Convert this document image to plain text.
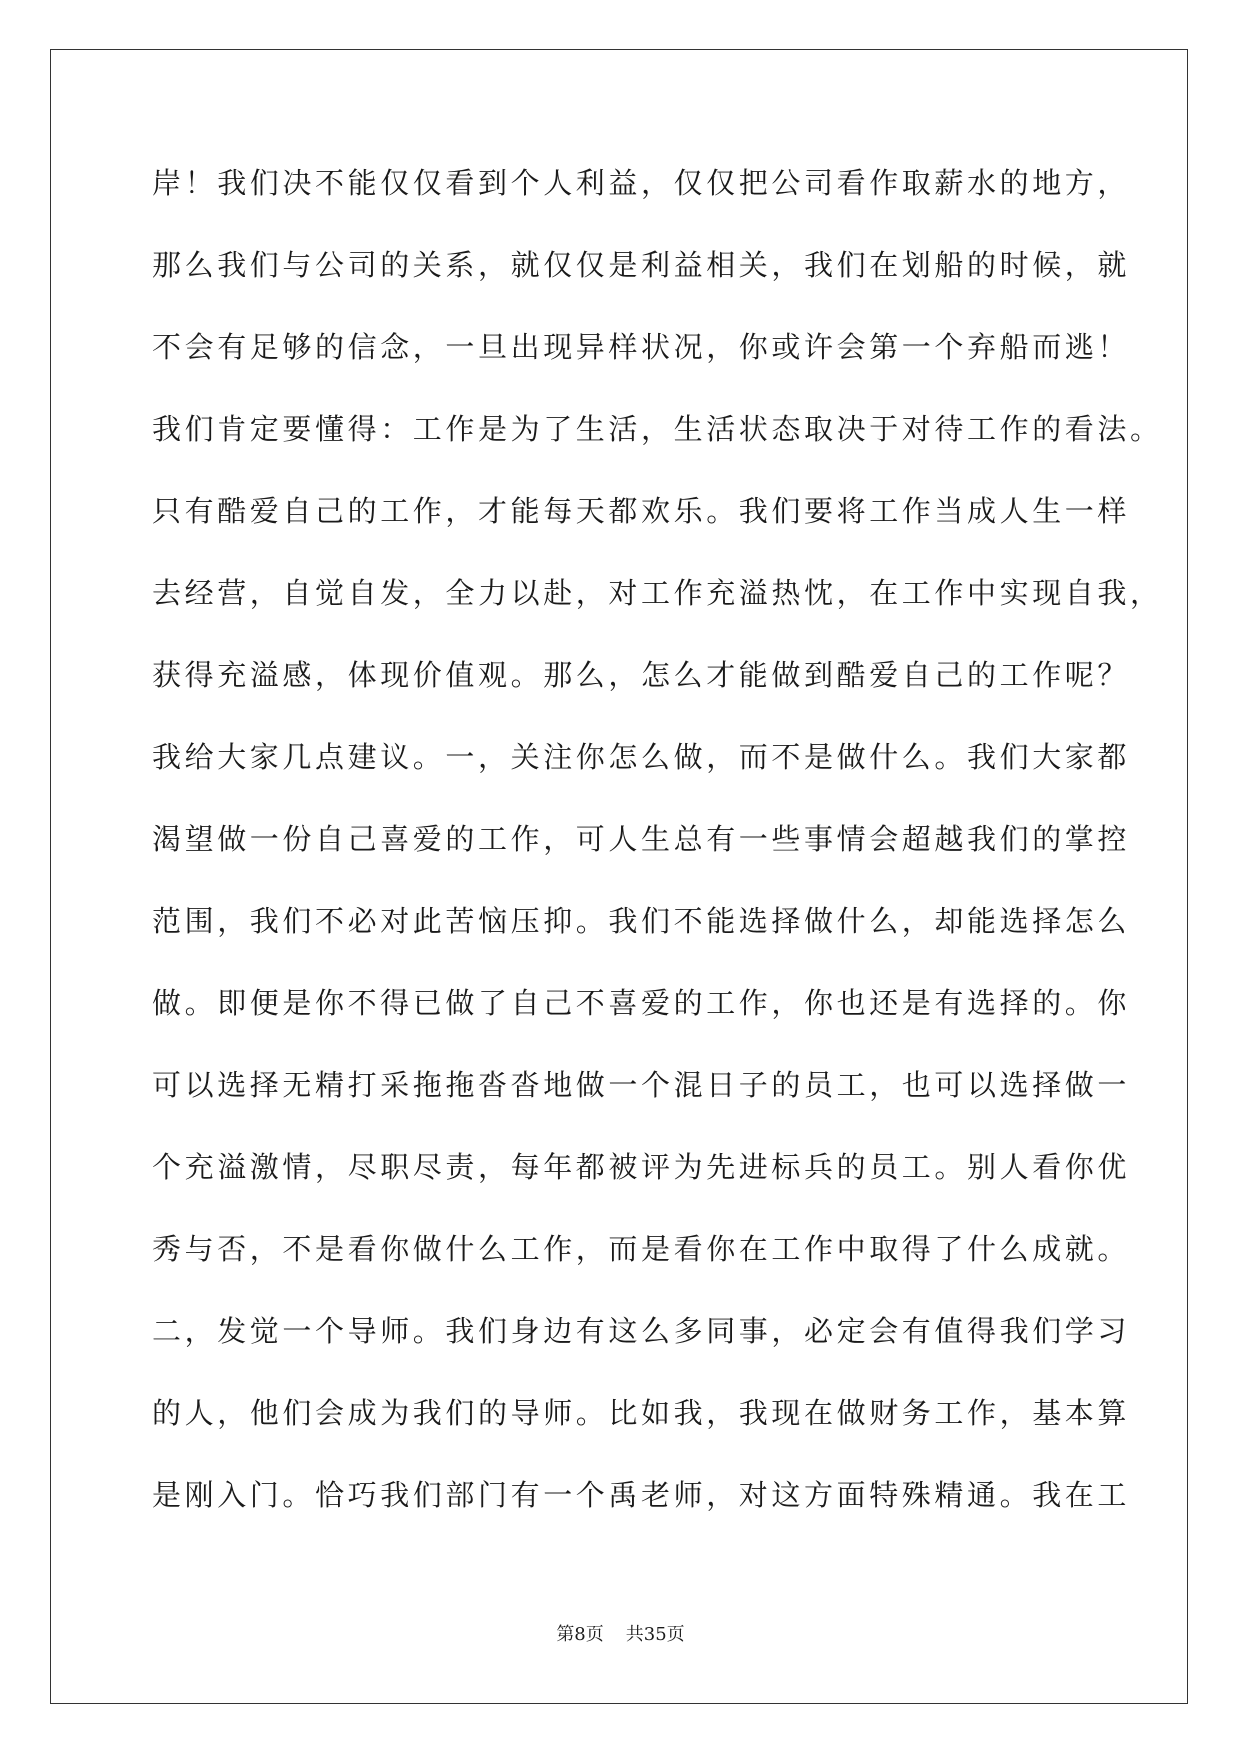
岸！我们决不能仅仅看到个人利益，仅仅把公司看作取薪水的地方，
那么我们与公司的关系，就仅仅是利益相关，我们在划船的时候，就
不会有足够的信念，一旦出现异样状况，你或许会第一个弃船而逃！
我们肯定要懂得：工作是为了生活，生活状态取决于对待工作的看法。
只有酷爱自己的工作，才能每天都欢乐。我们要将工作当成人生一样
去经营，自觉自发，全力以赴，对工作充溢热忱，在工作中实现自我，
获得充溢感，体现价值观。那么，怎么才能做到酷爱自己的工作呢？
我给大家几点建议。一，关注你怎么做，而不是做什么。我们大家都
渴望做一份自己喜爱的工作，可人生总有一些事情会超越我们的掌控
范围，我们不必对此苦恼压抑。我们不能选择做什么，却能选择怎么
做。即便是你不得已做了自己不喜爱的工作，你也还是有选择的。你
可以选择无精打采拖拖沓沓地做一个混日子的员工，也可以选择做一
个充溢激情，尽职尽责，每年都被评为先进标兵的员工。别人看你优
秀与否，不是看你做什么工作，而是看你在工作中取得了什么成就。
二，发觉一个导师。我们身边有这么多同事，必定会有值得我们学习
的人，他们会成为我们的导师。比如我，我现在做财务工作，基本算
是刚入门。恰巧我们部门有一个禹老师，对这方面特殊精通。我在工
第8页 共35页
